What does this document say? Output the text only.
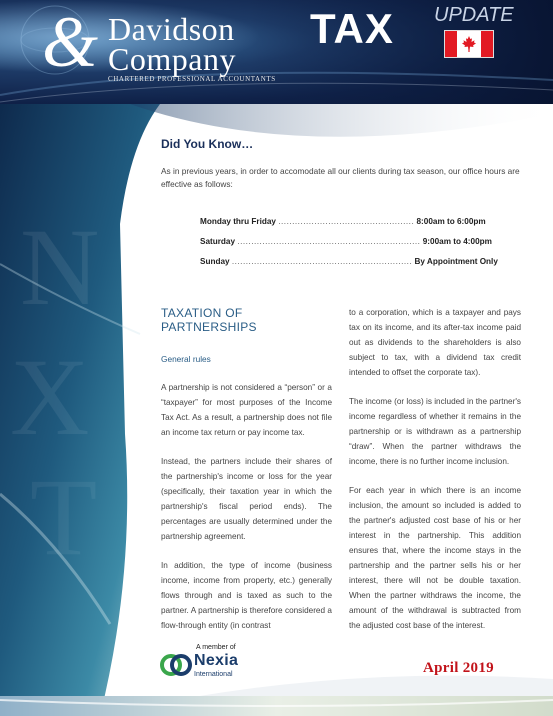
& Davidson
Company
CHARTERED PROFESSIONAL ACCOUNTANTS
TAX UPDATE
N
X
T
Did You Know…
As in previous years, in order to accomodate all our clients during tax season, our office hours are effective as follows:
Monday thru Friday ................................................. 8:00am to 6:00pm
Saturday .................................................................. 9:00am to 4:00pm
Sunday ................................................................. By Appointment Only
TAXATION OF PARTNERSHIPS
General rules

A partnership is not considered a “person” or a “taxpayer” for most purposes of the Income Tax Act. As a result, a partnership does not file an income tax return or pay income tax.

Instead, the partners include their shares of the partnership's income or loss for the year (specifically, their taxation year in which the partnership's fiscal period ends). The percentages are usually determined under the partnership agreement.

In addition, the type of income (business income, income from property, etc.) generally flows through and is taxed as such to the partner. A partnership is therefore considered a flow-through entity (in contrast

to a corporation, which is a taxpayer and pays tax on its income, and its after-tax income paid out as dividends to the shareholders is also subject to tax, with a dividend tax credit intended to offset the corporate tax).

The income (or loss) is included in the partner's income regardless of whether it remains in the partnership or is withdrawn as a partnership “draw”. When the partner withdraws the income, there is no further income inclusion.

For each year in which there is an income inclusion, the amount so included is added to the partner's adjusted cost base of his or her interest in the partnership. This addition ensures that, where the income stays in the partnership and the partner sells his or her interest, there will not be double taxation. When the partner withdraws the income, the amount of the withdrawal is subtracted from the adjusted cost base of the interest.

A member of
Nexia
International	April 2019
